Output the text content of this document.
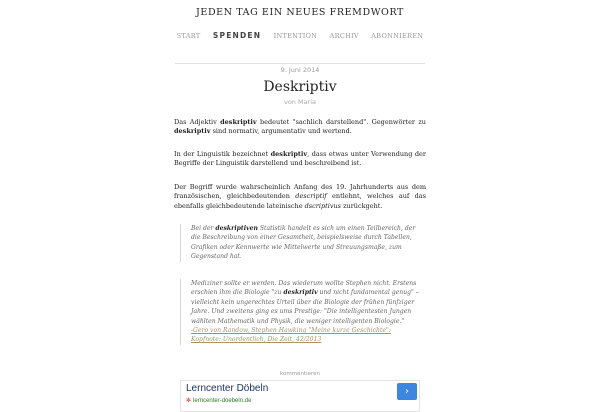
JEDEN TAG EIN NEUES FREMDWORT
START SPENDEN INTENTION ARCHIV ABONNIEREN
9. Juni 2014
Deskriptiv
von Maria
Das Adjektiv deskriptiv bedeutet "sachlich darstellend". Gegenwörter zu deskriptiv sind normativ, argumentativ und wertend.
In der Linguistik bezeichnet deskriptiv, dass etwas unter Verwendung der Begriffe der Linguistik darstellend und beschreibend ist.
Der Begriff wurde wahrscheinlich Anfang des 19. Jahrhunderts aus dem französischen, gleichbedeutenden descriptif entlehnt, welches auf das ebenfalls gleichbedeutende lateinische dscriptivus zurückgeht.
Bei der deskriptiven Statistik handelt es sich um einen Teilbereich, der die Beschreibung von einer Gesamtheit, beispielsweise durch Tabellen, Grafiken oder Kennwerte wie Mittelwerte und Streuungsmaße, zum Gegenstand hat.
Mediziner sollte er werden. Das wiederum wollte Stephen nicht. Erstens erschien ihm die Biologie "zu deskriptiv und nicht fundamental genug" – vielleicht kein ungerechtes Urteil über die Biologie der frühen fünfziger Jahre. Und zweitens ging es ums Prestige: "Die intelligentesten Jungen wählten Mathematik und Physik, die weniger intelligenten Biologie."
-Gero von Randow, Stephen Hawking "Meine kurze Geschichte":
Kopfnote: Unordentlich, Die Zeit, 42/2013
kommentieren
Lerncenter Döbeln
✻ lerncenter-doebeln.de
›
